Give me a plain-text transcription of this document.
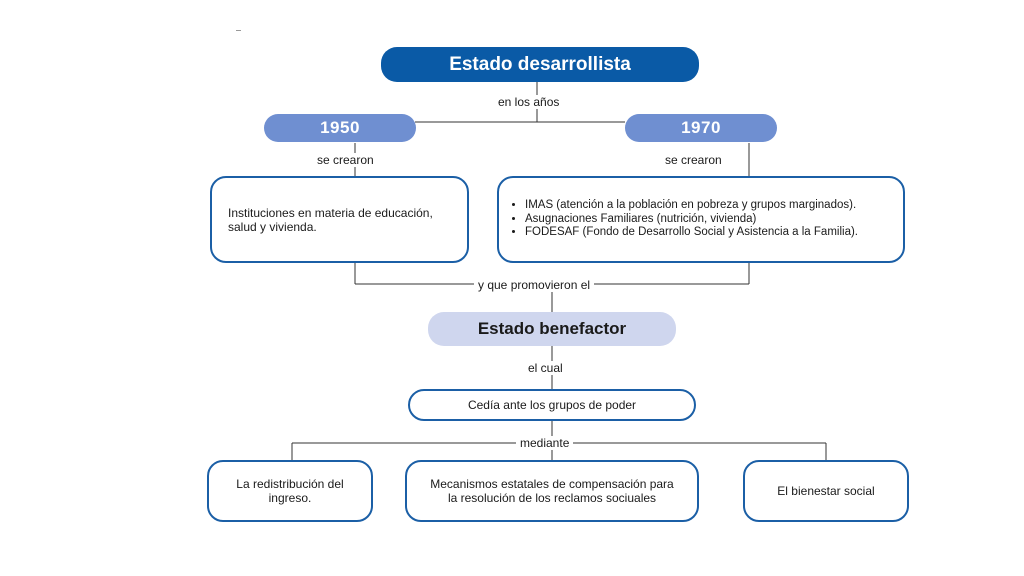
Estado desarrollista
en los años
1950	1970
se crearon	se crearon
Instituciones en materia de educación, salud y vivienda.
• IMAS (atención a la población en pobreza y grupos marginados).
• Asugnaciones Familiares (nutrición, vivienda)
• FODESAF (Fondo de Desarrollo Social y Asistencia a la Familia).
y que promovieron el
Estado benefactor
el cual
Cedía ante los grupos de poder
mediante
La redistribución del ingreso.
Mecanismos estatales de compensación para la resolución de los reclamos sociuales	El bienestar social
